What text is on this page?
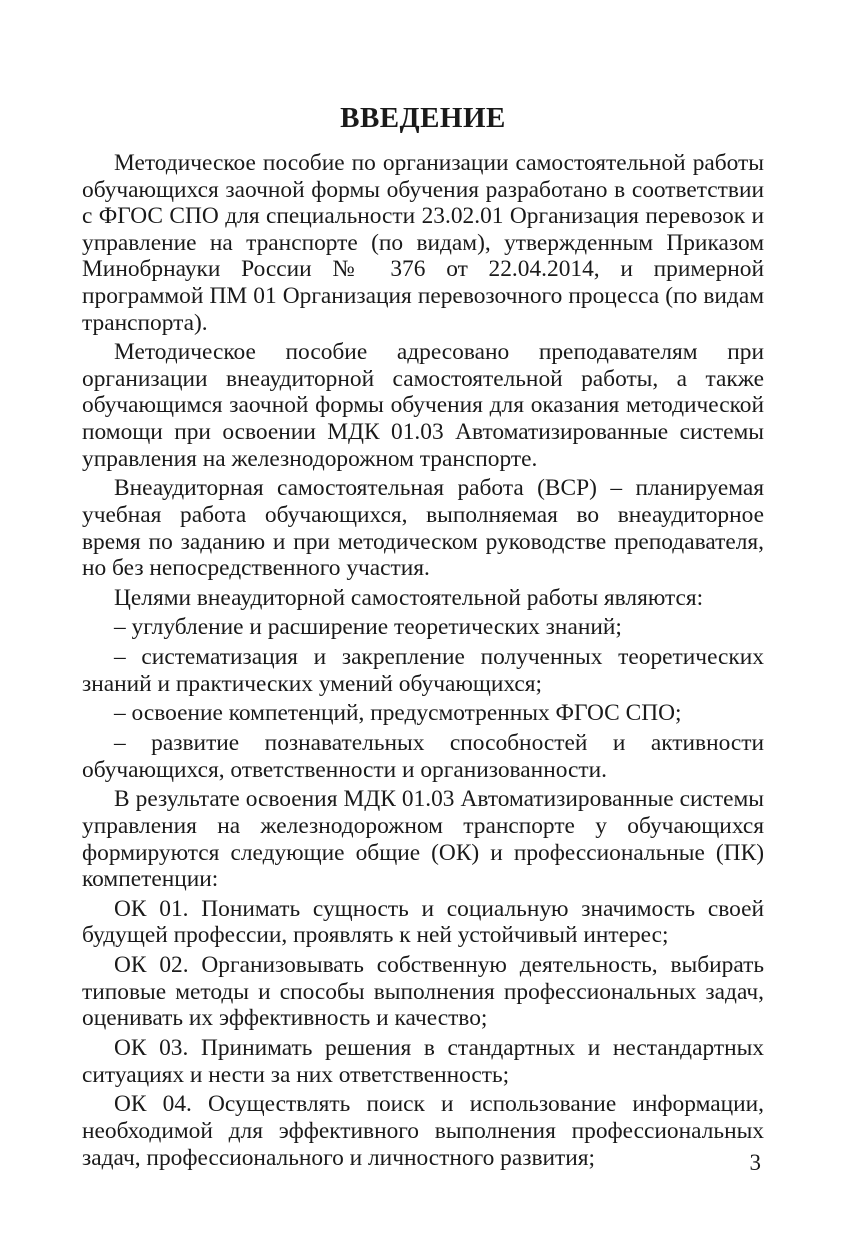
ВВЕДЕНИЕ

Методическое пособие по организации самостоятельной работы обучающихся заочной формы обучения разработано в соответствии с ФГОС СПО для специальности 23.02.01 Организация перевозок и управление на транспорте (по видам), утвержденным Приказом Минобрнауки России № 376 от 22.04.2014, и примерной программой ПМ 01 Организация перевозочного процесса (по видам транспорта).

Методическое пособие адресовано преподавателям при организации внеаудиторной самостоятельной работы, а также обучающимся заочной формы обучения для оказания методической помощи при освоении МДК 01.03 Автоматизированные системы управления на железнодорожном транспорте.

Внеаудиторная самостоятельная работа (ВСР) – планируемая учебная работа обучающихся, выполняемая во внеаудиторное время по заданию и при методическом руководстве преподавателя, но без непосредственного участия.

Целями внеаудиторной самостоятельной работы являются:

– углубление и расширение теоретических знаний;

– систематизация и закрепление полученных теоретических знаний и практических умений обучающихся;

– освоение компетенций, предусмотренных ФГОС СПО;

– развитие познавательных способностей и активности обучающихся, ответственности и организованности.

В результате освоения МДК 01.03 Автоматизированные системы управления на железнодорожном транспорте у обучающихся формируются следующие общие (ОК) и профессиональные (ПК) компетенции:

ОК 01. Понимать сущность и социальную значимость своей будущей профессии, проявлять к ней устойчивый интерес;

ОК 02. Организовывать собственную деятельность, выбирать типовые методы и способы выполнения профессиональных задач, оценивать их эффективность и качество;

ОК 03. Принимать решения в стандартных и нестандартных ситуациях и нести за них ответственность;

ОК 04. Осуществлять поиск и использование информации, необходимой для эффективного выполнения профессиональных задач, профессионального и личностного развития;	3
